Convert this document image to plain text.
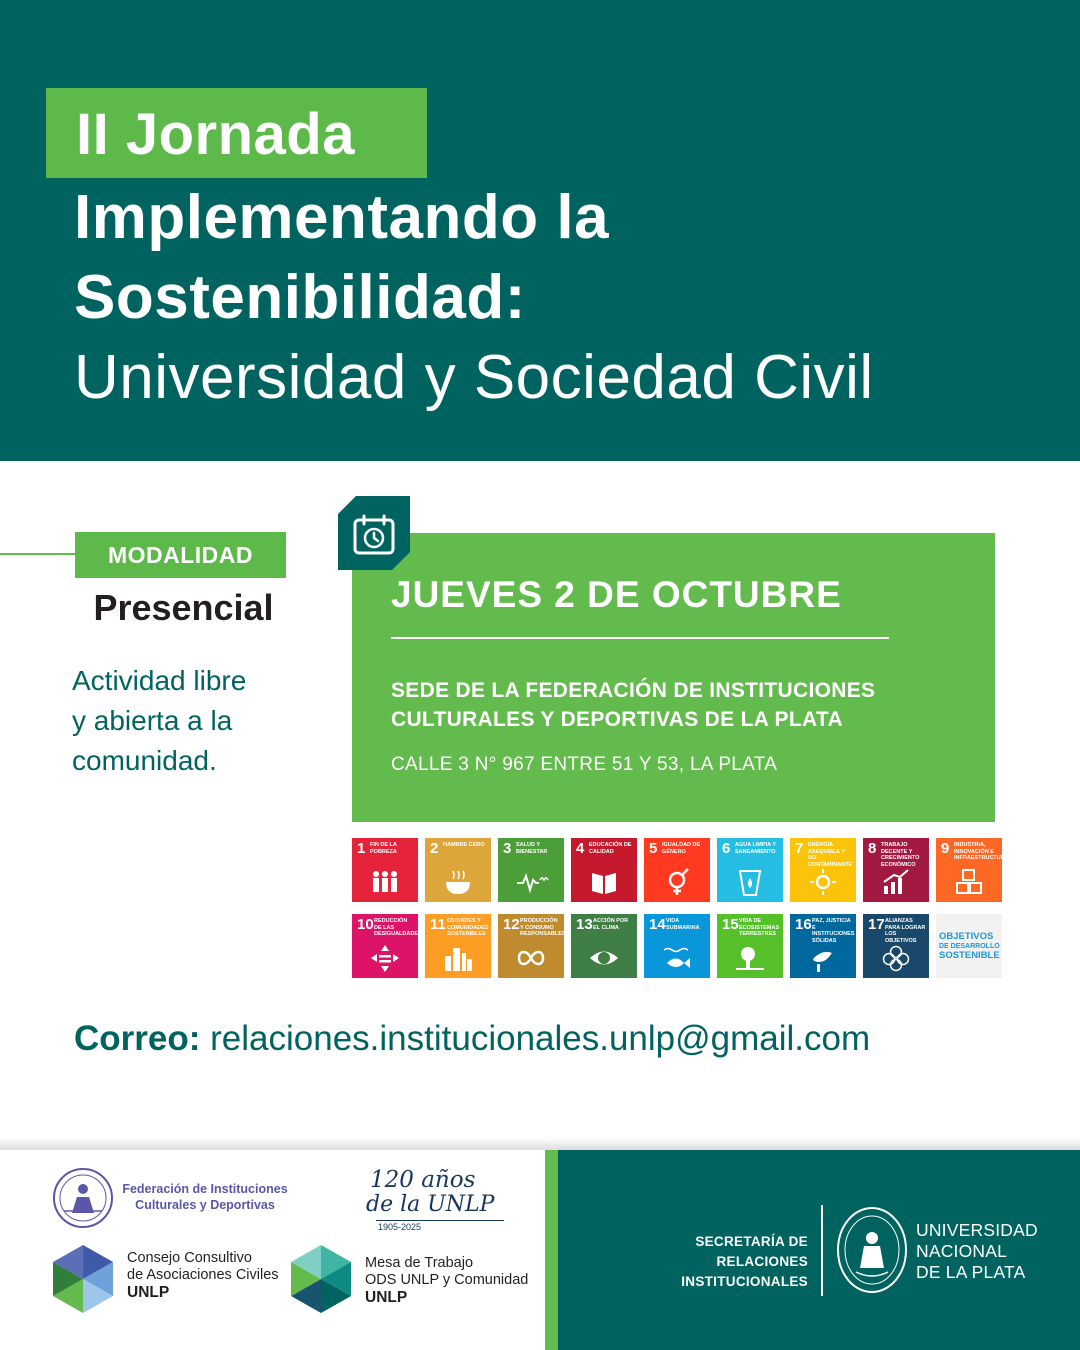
II Jornada
Implementando la
Sostenibilidad:
Universidad y Sociedad Civil
MODALIDAD
Presencial
Actividad libre
y abierta a la
comunidad.
JUEVES 2 DE OCTUBRE
SEDE DE LA FEDERACIÓN DE INSTITUCIONES
CULTURALES Y DEPORTIVAS DE LA PLATA
CALLE 3 N° 967 ENTRE 51 Y 53, LA PLATA
1 FIN DE LA POBREZA	2 HAMBRE CERO 3 SALUD Y BIENESTAR	4 EDUCACIÓN DE CALIDAD	5 IGUALDAD DE GÉNERO	6 AGUA LIMPIA Y SANEAMIENTO	7 ENERGÍA ASEQUIBLE Y NO CONTAMINANTE
8 TRABAJO DECENTE Y CRECIMIENTO ECONÓMICO
9 INDUSTRIA, INNOVACIÓN E INFRAESTRUCTURA
10 REDUCCIÓN DE LAS DESIGUALDADES
11 CIUDADES Y COMUNIDADES SOSTENIBLES
12 PRODUCCIÓN Y CONSUMO RESPONSABLES
13 ACCIÓN POR EL CLIMA	14 VIDA SUBMARINA	15 VIDA DE ECOSISTEMAS TERRESTRES
16 PAZ, JUSTICIA E INSTITUCIONES SÓLIDAS
17 ALIANZAS PARA LOGRAR LOS OBJETIVOS	OBJETIVOS
DE DESARROLLO
SOSTENIBLE
Correo: relaciones.institucionales.unlp@gmail.com
Federación de Instituciones
Culturales y Deportivas
120 años
de la UNLP
1905-2025
Consejo Consultivo
de Asociaciones Civiles
UNLP
Mesa de Trabajo
ODS UNLP y Comunidad
UNLP
SECRETARÍA DE
RELACIONES INSTITUCIONALES
UNIVERSIDAD
NACIONAL
DE LA PLATA
